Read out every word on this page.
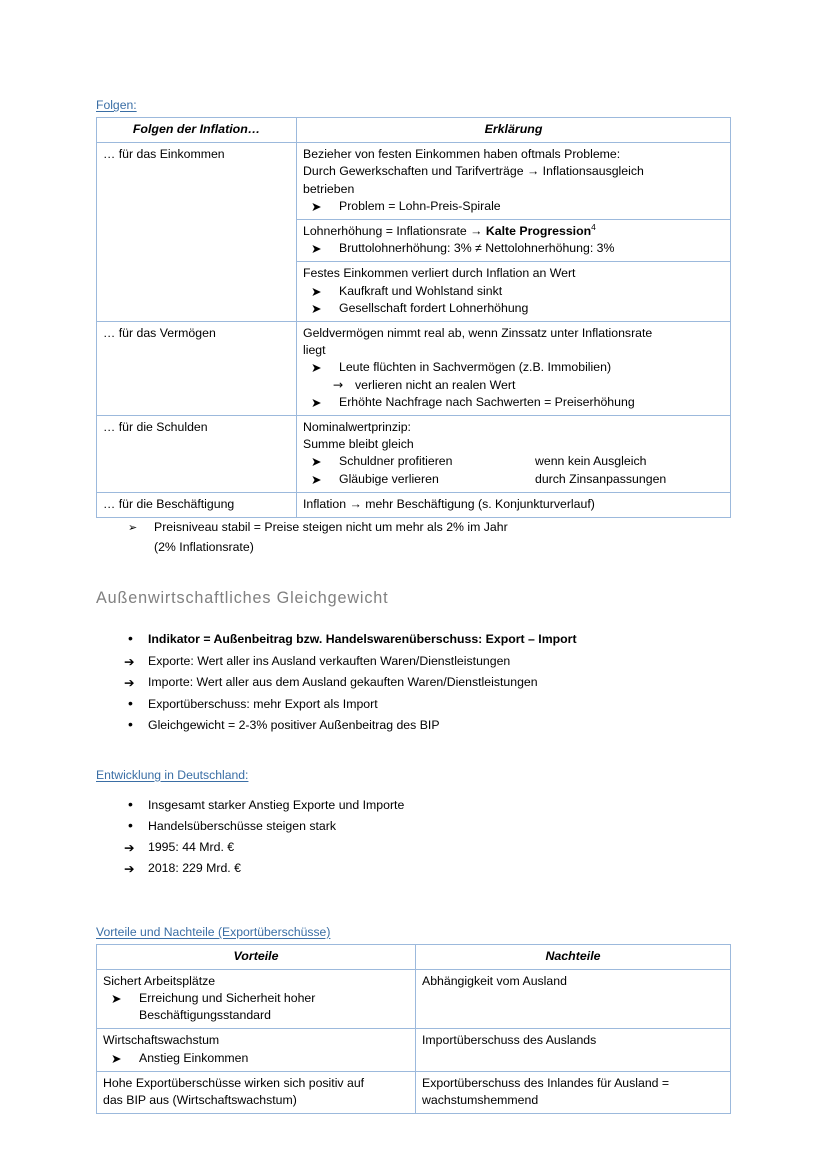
Folgen:
Folgen der Inflation…	Erklärung
… für das Einkommen	Bezieher von festen Einkommen haben oftmals Probleme:
Durch Gewerkschaften und Tarifverträge → Inflationsausgleich
betrieben
➤ Problem = Lohn-Preis-Spirale

	Lohnerhöhung = Inflationsrate → Kalte Progression$^4$
➤ Bruttolohnerhöhung: 3% ≠ Nettolohnerhöhung: 3%

	Festes Einkommen verliert durch Inflation an Wert
➤ Kaufkraft und Wohlstand sinkt
➤ Gesellschaft fordert Lohnerhöhung

… für das Vermögen	Geldvermögen nimmt real ab, wenn Zinssatz unter Inflationsrate
liegt
➤ Leute flüchten in Sachvermögen (z.B. Immobilien)
→ verlieren nicht an realen Wert
➤ Erhöhte Nachfrage nach Sachwerten = Preiserhöhung

… für die Schulden	Nominalwertprinzip:
Summe bleibt gleich
➤ Schuldner profitieren	wenn kein Ausgleich
➤ Gläubige verlieren	durch Zinsanpassungen

… für die Beschäftigung	Inflation → mehr Beschäftigung (s. Konjunkturverlauf)
➢ Preisniveau stabil = Preise steigen nicht um mehr als 2% im Jahr
(2% Inflationsrate)
Außenwirtschaftliches Gleichgewicht
• Indikator = Außenbeitrag bzw. Handelswarenüberschuss: Export – Import
➔ Exporte: Wert aller ins Ausland verkauften Waren/Dienstleistungen
➔ Importe: Wert aller aus dem Ausland gekauften Waren/Dienstleistungen
• Exportüberschuss: mehr Export als Import
• Gleichgewicht = 2-3% positiver Außenbeitrag des BIP
Entwicklung in Deutschland:
• Insgesamt starker Anstieg Exporte und Importe
• Handelsüberschüsse steigen stark
➔ 1995: 44 Mrd. €
➔ 2018: 229 Mrd. €
Vorteile und Nachteile (Exportüberschüsse)
Vorteile	Nachteile

Sichert Arbeitsplätze
➤ Erreichung und Sicherheit hoher
Beschäftigungsstandard	Abhängigkeit vom Ausland

Wirtschaftswachstum
➤ Anstieg Einkommen	Importüberschuss des Auslands

Hohe Exportüberschüsse wirken sich positiv auf
das BIP aus (Wirtschaftswachstum)	Exportüberschuss des Inlandes für Ausland =
wachstumshemmend
